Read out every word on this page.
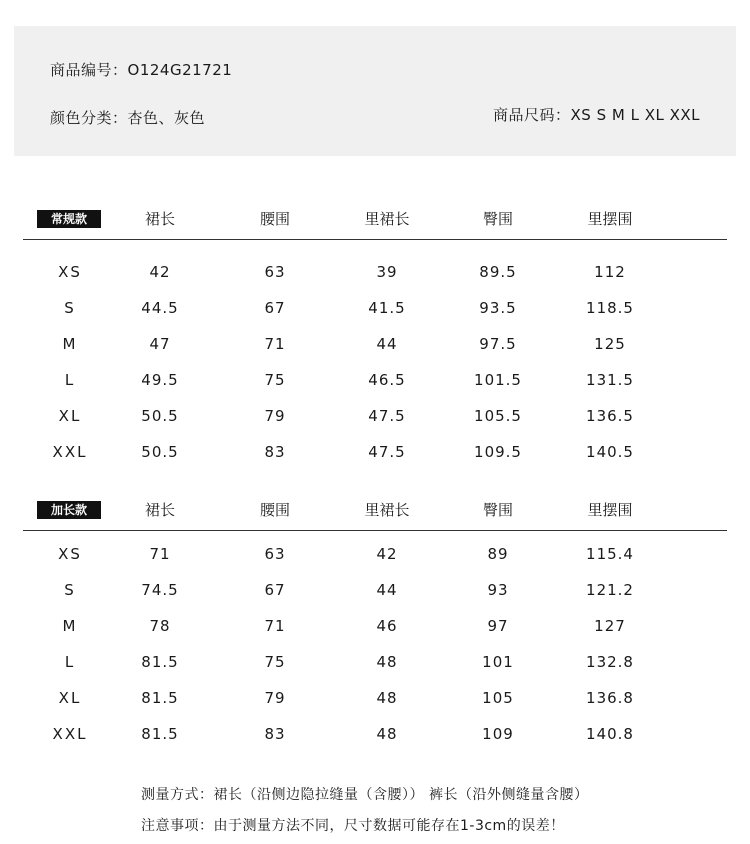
商品编号：O124G21721
颜色分类：杏色、灰色	商品尺码：XS S M L XL XXL
常规款	裙长	腰围	里裙长	臀围	里摆围
XS	42	63	39	89.5	112
S	44.5	67	41.5	93.5	118.5
M	47	71	44	97.5	125
L	49.5	75	46.5	101.5	131.5
XL	50.5	79	47.5	105.5	136.5
XXL	50.5	83	47.5	109.5	140.5
加长款	裙长	腰围	里裙长	臀围	里摆围
XS	71	63	42	89	115.4
S	74.5	67	44	93	121.2
M	78	71	46	97	127
L	81.5	75	48	101	132.8
XL	81.5	79	48	105	136.8
XXL	81.5	83	48	109	140.8
测量方式：裙长（沿侧边隐拉缝量（含腰）） 裤长（沿外侧缝量含腰）
注意事项：由于测量方法不同，尺寸数据可能存在1-3cm的误差！
